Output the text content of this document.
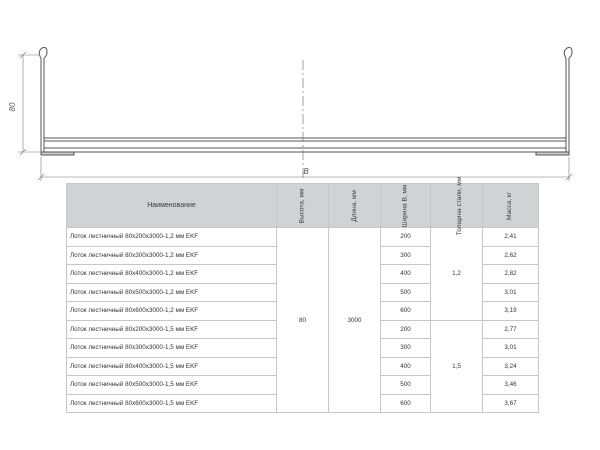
80
B
Наименование	Высота, мм	Длина, мм	Ширина В, мм	Толщина стали, мм	Масса, кг
Лоток лестничный 80x200x3000-1,2 мм EKF	80	3000	200	1,2	2,41
Лоток лестничный 80x300x3000-1,2 мм EKF			300		2,62
Лоток лестничный 80x400x3000-1,2 мм EKF			400		2,82
Лоток лестничный 80x500x3000-1,2 мм EKF			500		3,01
Лоток лестничный 80x600x3000-1,2 мм EKF			600		3,19
Лоток лестничный 80x200x3000-1,5 мм EKF			200	1,5	2,77
Лоток лестничный 80x300x3000-1,5 мм EKF			300		3,01
Лоток лестничный 80x400x3000-1,5 мм EKF			400		3,24
Лоток лестничный 80x500x3000-1,5 мм EKF			500		3,46
Лоток лестничный 80x600x3000-1,5 мм EKF			600		3,67
